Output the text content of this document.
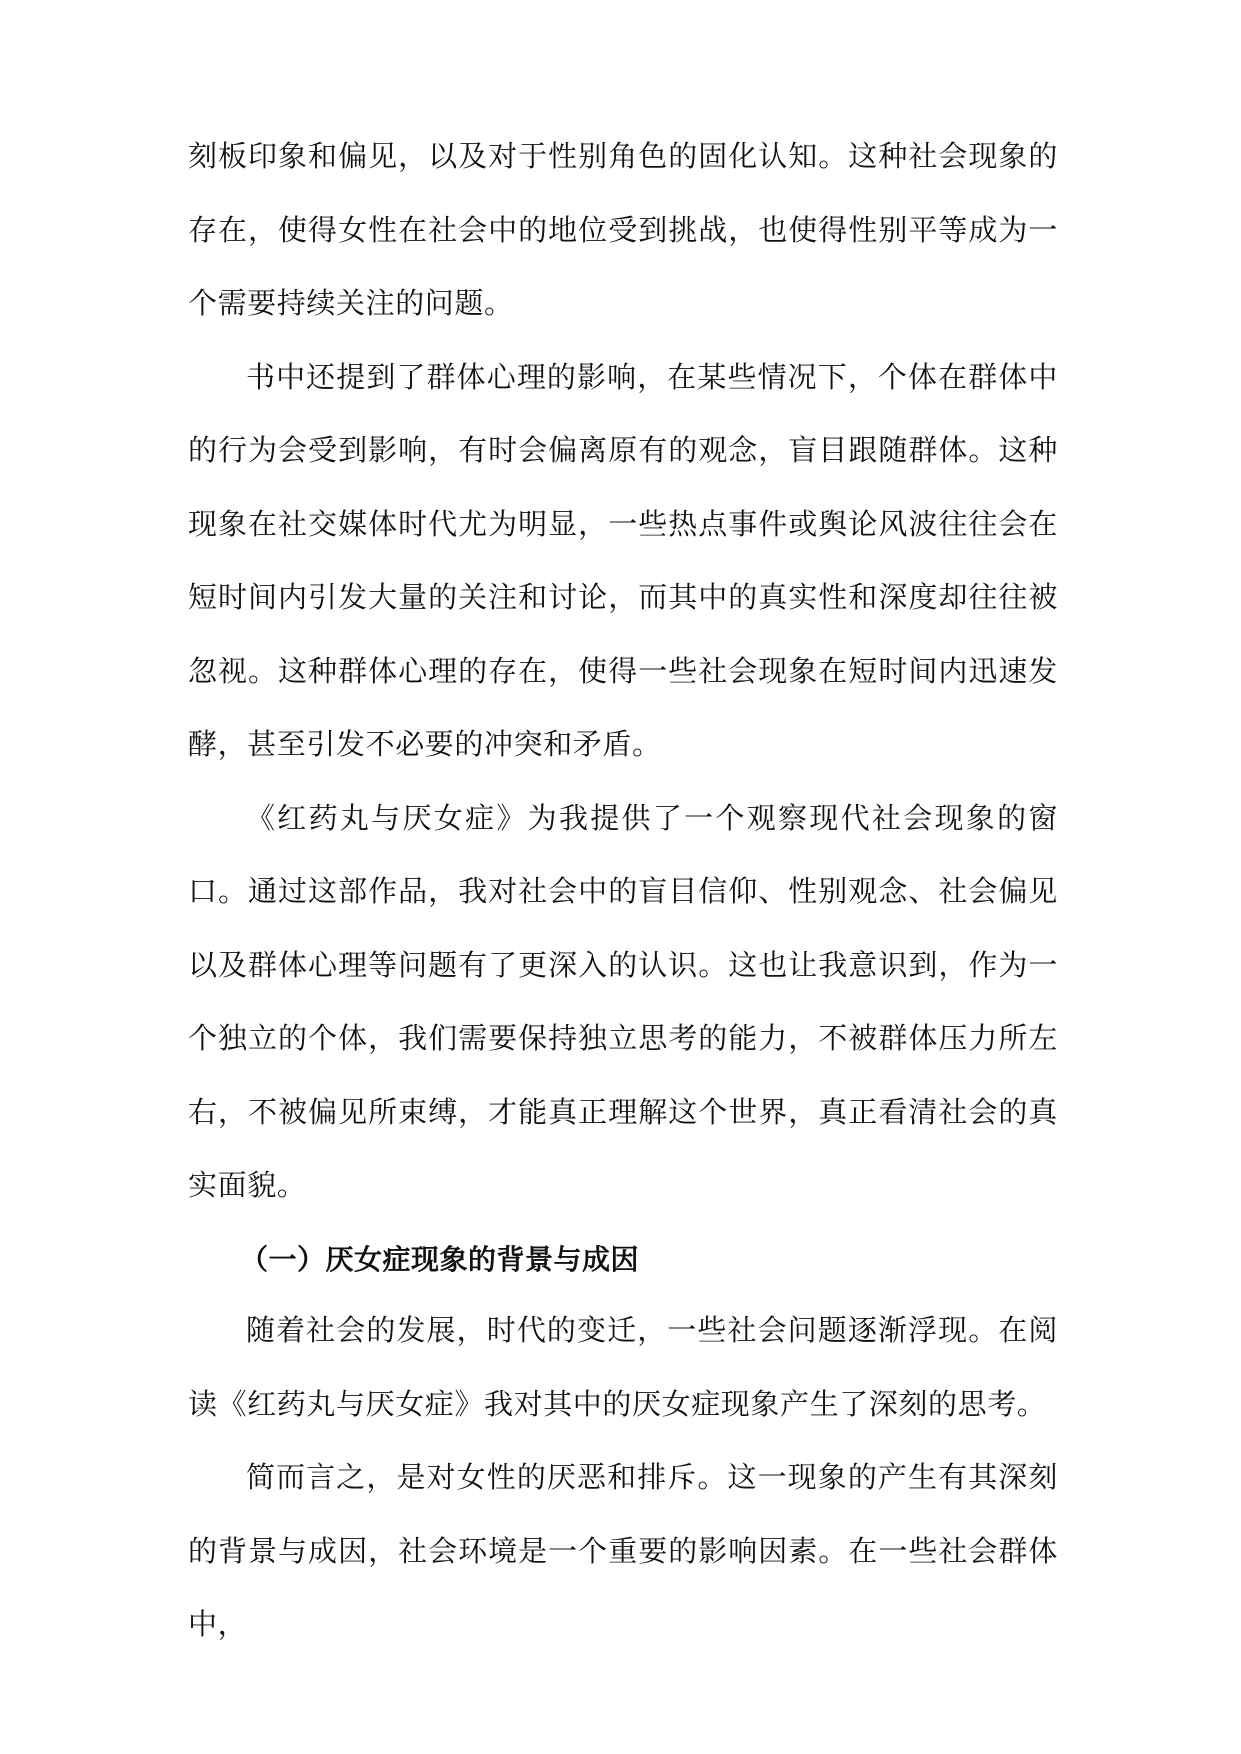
刻板印象和偏见，以及对于性别角色的固化认知。这种社会现象的存在，使得女性在社会中的地位受到挑战，也使得性别平等成为一个需要持续关注的问题。

书中还提到了群体心理的影响，在某些情况下，个体在群体中的行为会受到影响，有时会偏离原有的观念，盲目跟随群体。这种现象在社交媒体时代尤为明显，一些热点事件或舆论风波往往会在短时间内引发大量的关注和讨论，而其中的真实性和深度却往往被忽视。这种群体心理的存在，使得一些社会现象在短时间内迅速发酵，甚至引发不必要的冲突和矛盾。

《红药丸与厌女症》为我提供了一个观察现代社会现象的窗口。通过这部作品，我对社会中的盲目信仰、性别观念、社会偏见以及群体心理等问题有了更深入的认识。这也让我意识到，作为一个独立的个体，我们需要保持独立思考的能力，不被群体压力所左右，不被偏见所束缚，才能真正理解这个世界，真正看清社会的真实面貌。

（一）厌女症现象的背景与成因

随着社会的发展，时代的变迁，一些社会问题逐渐浮现。在阅读《红药丸与厌女症》我对其中的厌女症现象产生了深刻的思考。

简而言之，是对女性的厌恶和排斥。这一现象的产生有其深刻的背景与成因，社会环境是一个重要的影响因素。在一些社会群体中，
